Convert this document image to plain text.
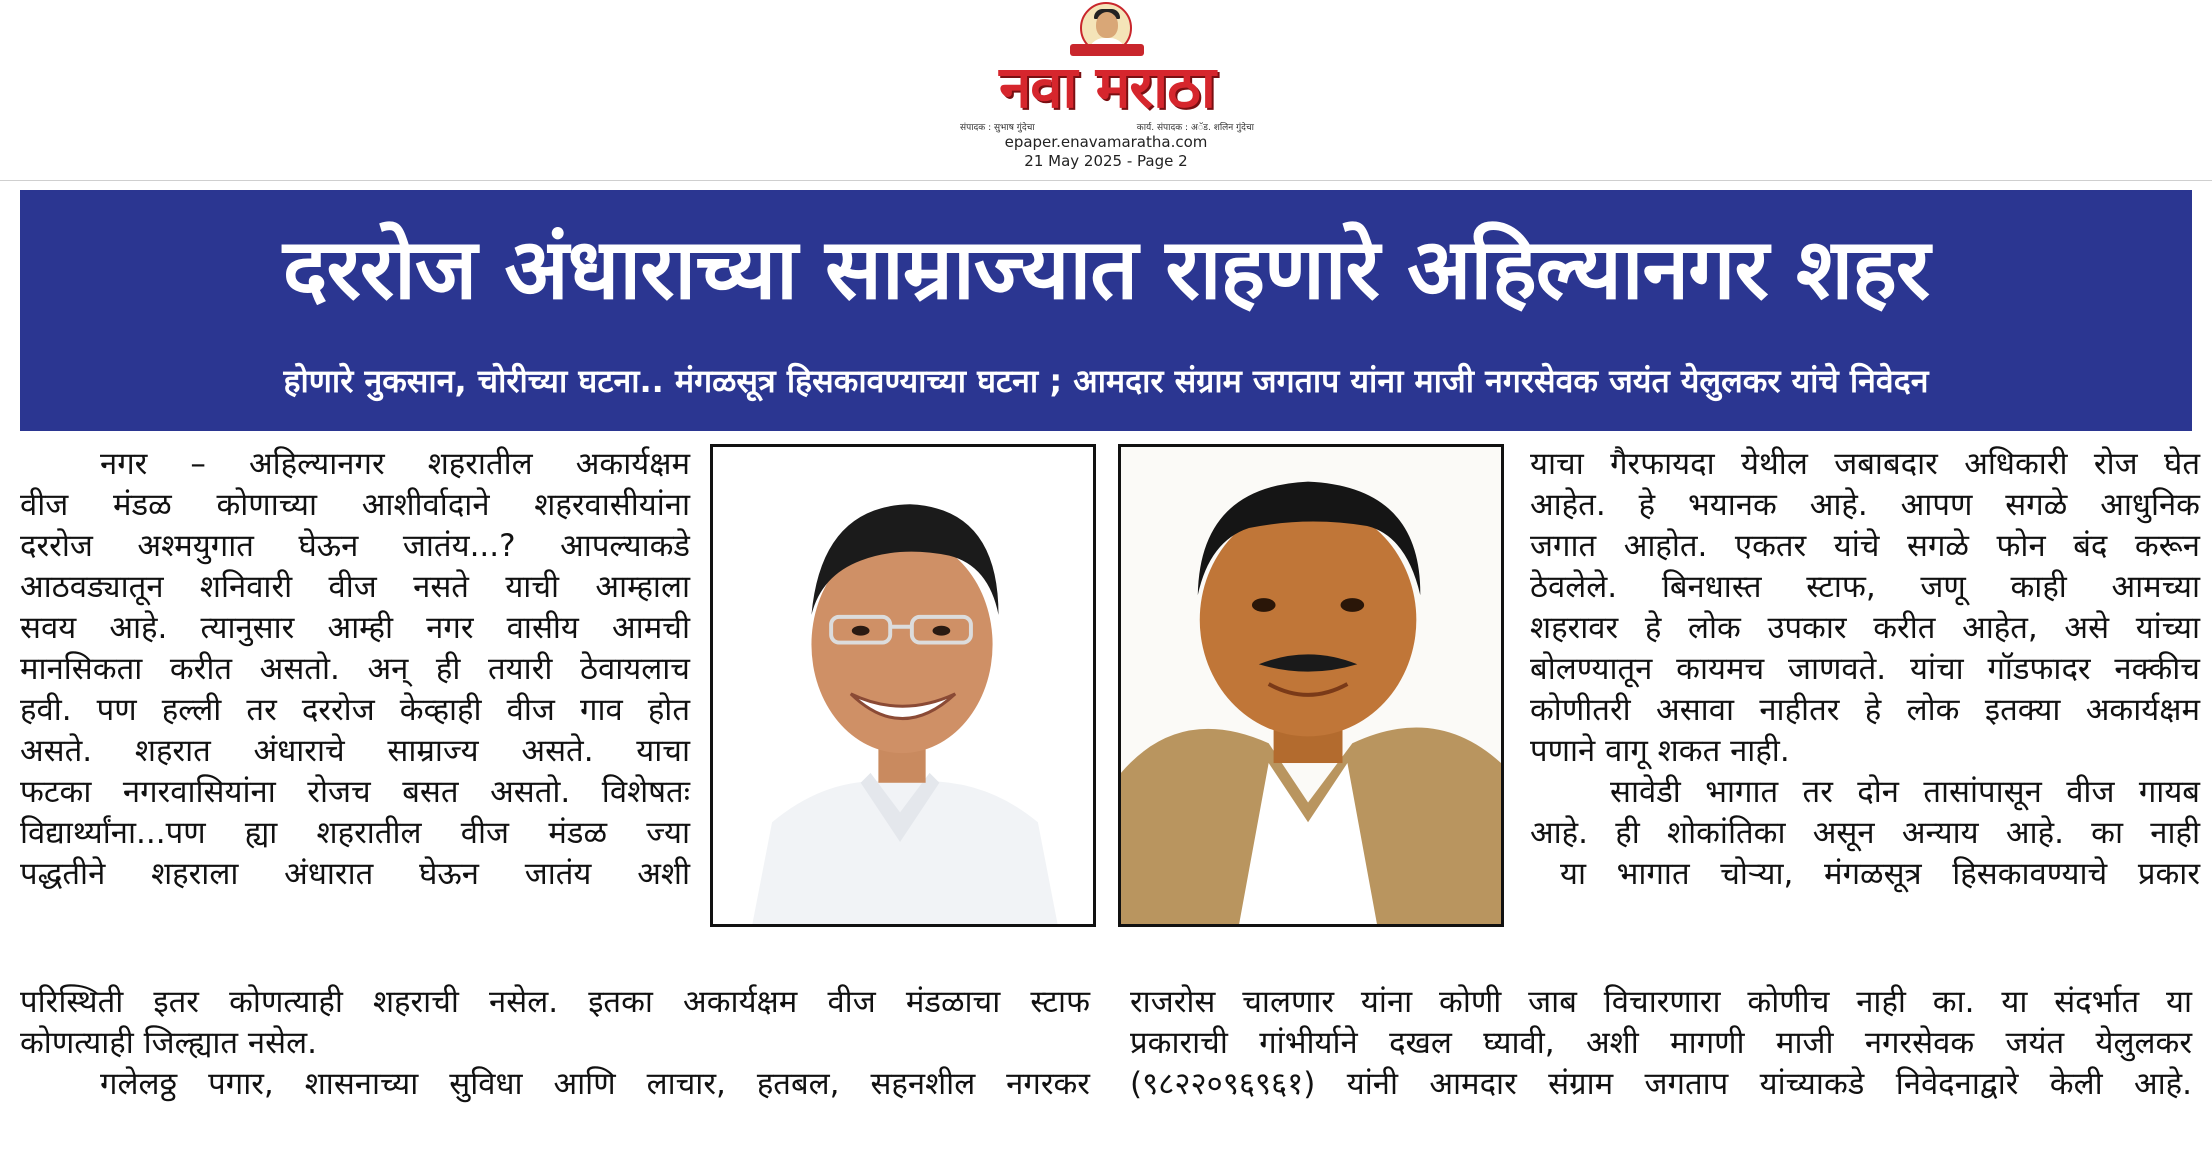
नवा मराठा
संपादक : सुभाष गुंदेचा	कार्य. संपादक : अॅड. शलिन गुंदेचा
epaper.enavamaratha.com
21 May 2025 - Page 2
दररोज अंधाराच्या साम्राज्यात राहणारे अहिल्यानगर शहर
होणारे नुकसान, चोरीच्या घटना.. मंगळसूत्र हिसकावण्याच्या घटना ; आमदार संग्राम जगताप यांना माजी नगरसेवक जयंत येलुलकर यांचे निवेदन
नगर – अहिल्यानगर शहरातील अकार्यक्षम
वीज मंडळ कोणाच्या आशीर्वादाने शहरवासीयांना
दररोज अश्मयुगात घेऊन जातंय...? आपल्याकडे
आठवड्यातून शनिवारी वीज नसते याची आम्हाला
सवय आहे. त्यानुसार आम्ही नगर वासीय आमची
मानसिकता करीत असतो. अन् ही तयारी ठेवायलाच
हवी. पण हल्ली तर दररोज केव्हाही वीज गाव होत
असते. शहरात अंधाराचे साम्राज्य असते. याचा
फटका नगरवासियांना रोजच बसत असतो. विशेषतः
विद्यार्थ्यांना...पण ह्या शहरातील वीज मंडळ ज्या
पद्धतीने शहराला अंधारात घेऊन जातंय अशी
याचा गैरफायदा येथील जबाबदार अधिकारी रोज घेत
आहेत. हे भयानक आहे. आपण सगळे आधुनिक
जगात आहोत. एकतर यांचे सगळे फोन बंद करून
ठेवलेले. बिनधास्त स्टाफ, जणू काही आमच्या
शहरावर हे लोक उपकार करीत आहेत, असे यांच्या
बोलण्यातून कायमच जाणवते. यांचा गॉडफादर नक्कीच
कोणीतरी असावा नाहीतर हे लोक इतक्या अकार्यक्षम
पणाने वागू शकत नाही.
सावेडी भागात तर दोन तासांपासून वीज गायब
आहे. ही शोकांतिका असून अन्याय आहे. का नाही
या भागात चोऱ्या, मंगळसूत्र हिसकावण्याचे प्रकार
परिस्थिती इतर कोणत्याही शहराची नसेल. इतका अकार्यक्षम वीज मंडळाचा स्टाफ
कोणत्याही जिल्ह्यात नसेल.
गलेलठ्ठ पगार, शासनाच्या सुविधा आणि लाचार, हतबल, सहनशील नगरकर
राजरोस चालणार यांना कोणी जाब विचारणारा कोणीच नाही का. या संदर्भात या
प्रकाराची गांभीर्याने दखल घ्यावी, अशी मागणी माजी नगरसेवक जयंत येलुलकर
(९८२२०९६९६१) यांनी आमदार संग्राम जगताप यांच्याकडे निवेदनाद्वारे केली आहे.
